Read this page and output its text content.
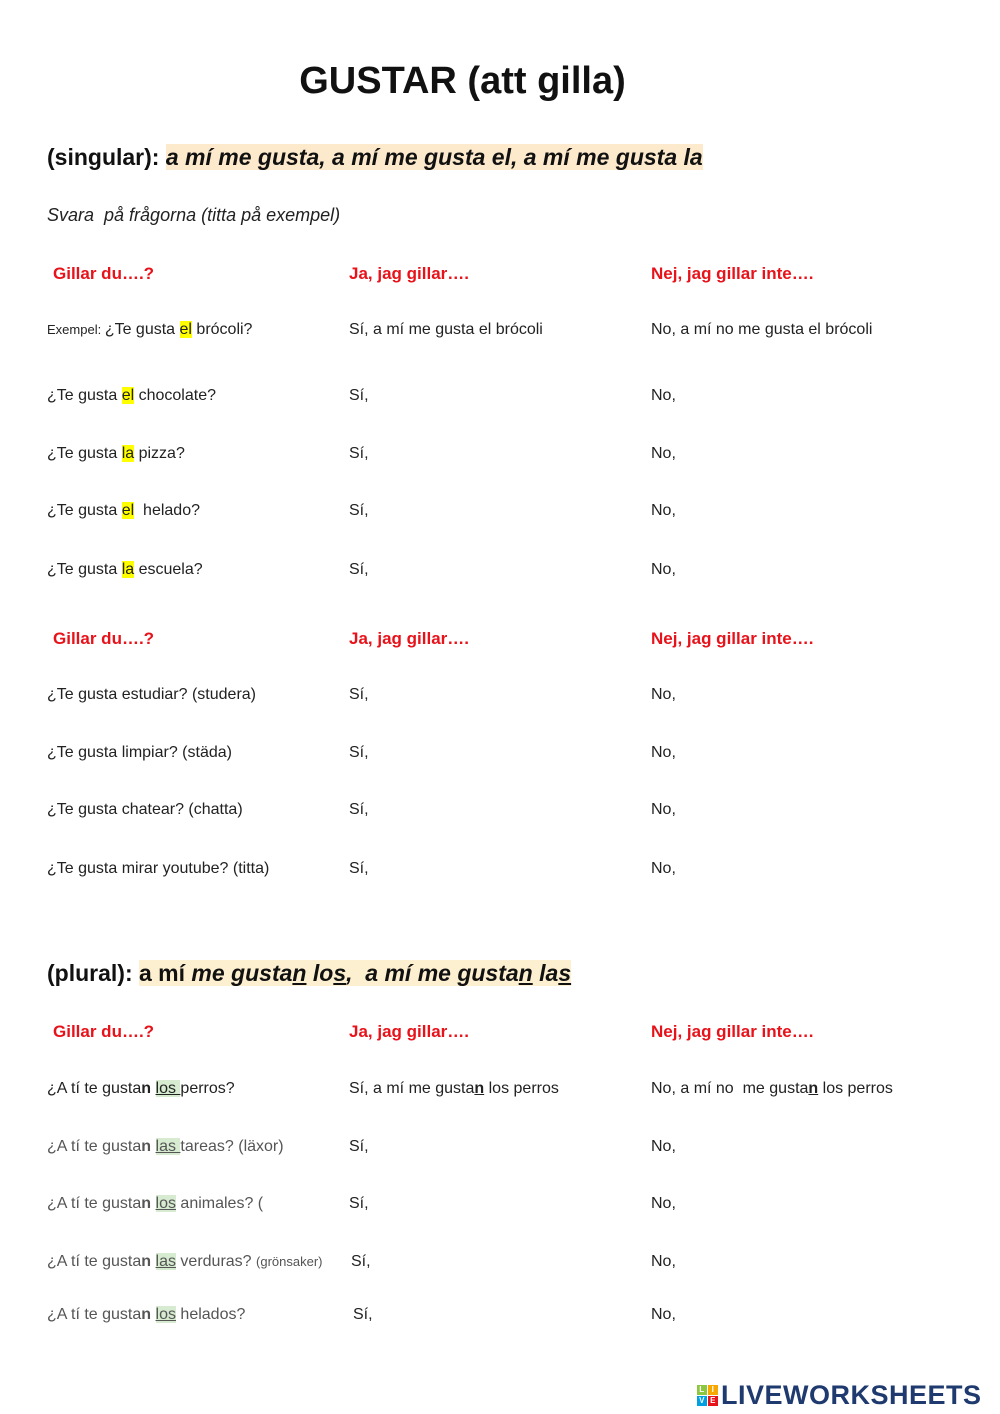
GUSTAR (att gilla)
(singular): a mí me gusta, a mí me gusta el, a mí me gusta la
Svara  på frågorna (titta på exempel)
Gillar du….?	Ja, jag gillar….	Nej, jag gillar inte….
Exempel: ¿Te gusta el brócoli?	Sí, a mí me gusta el brócoli	No, a mí no me gusta el brócoli
¿Te gusta el chocolate?	Sí,	No,
¿Te gusta la pizza?	Sí,	No,
¿Te gusta el  helado?	Sí,	No,
¿Te gusta la escuela?	Sí,	No,
Gillar du….?	Ja, jag gillar….	Nej, jag gillar inte….
¿Te gusta estudiar? (studera)	Sí,	No,
¿Te gusta limpiar? (städa)	Sí,	No,
¿Te gusta chatear? (chatta)	Sí,	No,
¿Te gusta mirar youtube? (titta)	Sí,	No,
(plural): a mí me gustan los,  a mí me gustan las
Gillar du….?	Ja, jag gillar….	Nej, jag gillar inte….
¿A tí te gustan los perros?	Sí, a mí me gustan los perros	No, a mí no  me gustan los perros
¿A tí te gustan las tareas? (läxor)	Sí,	No,
¿A tí te gustan los animales? (	Sí,	No,
¿A tí te gustan las verduras? (grönsaker) Sí,	No,
¿A tí te gustan los helados?	Sí,	No,
L I
V E LIVEWORKSHEETS
